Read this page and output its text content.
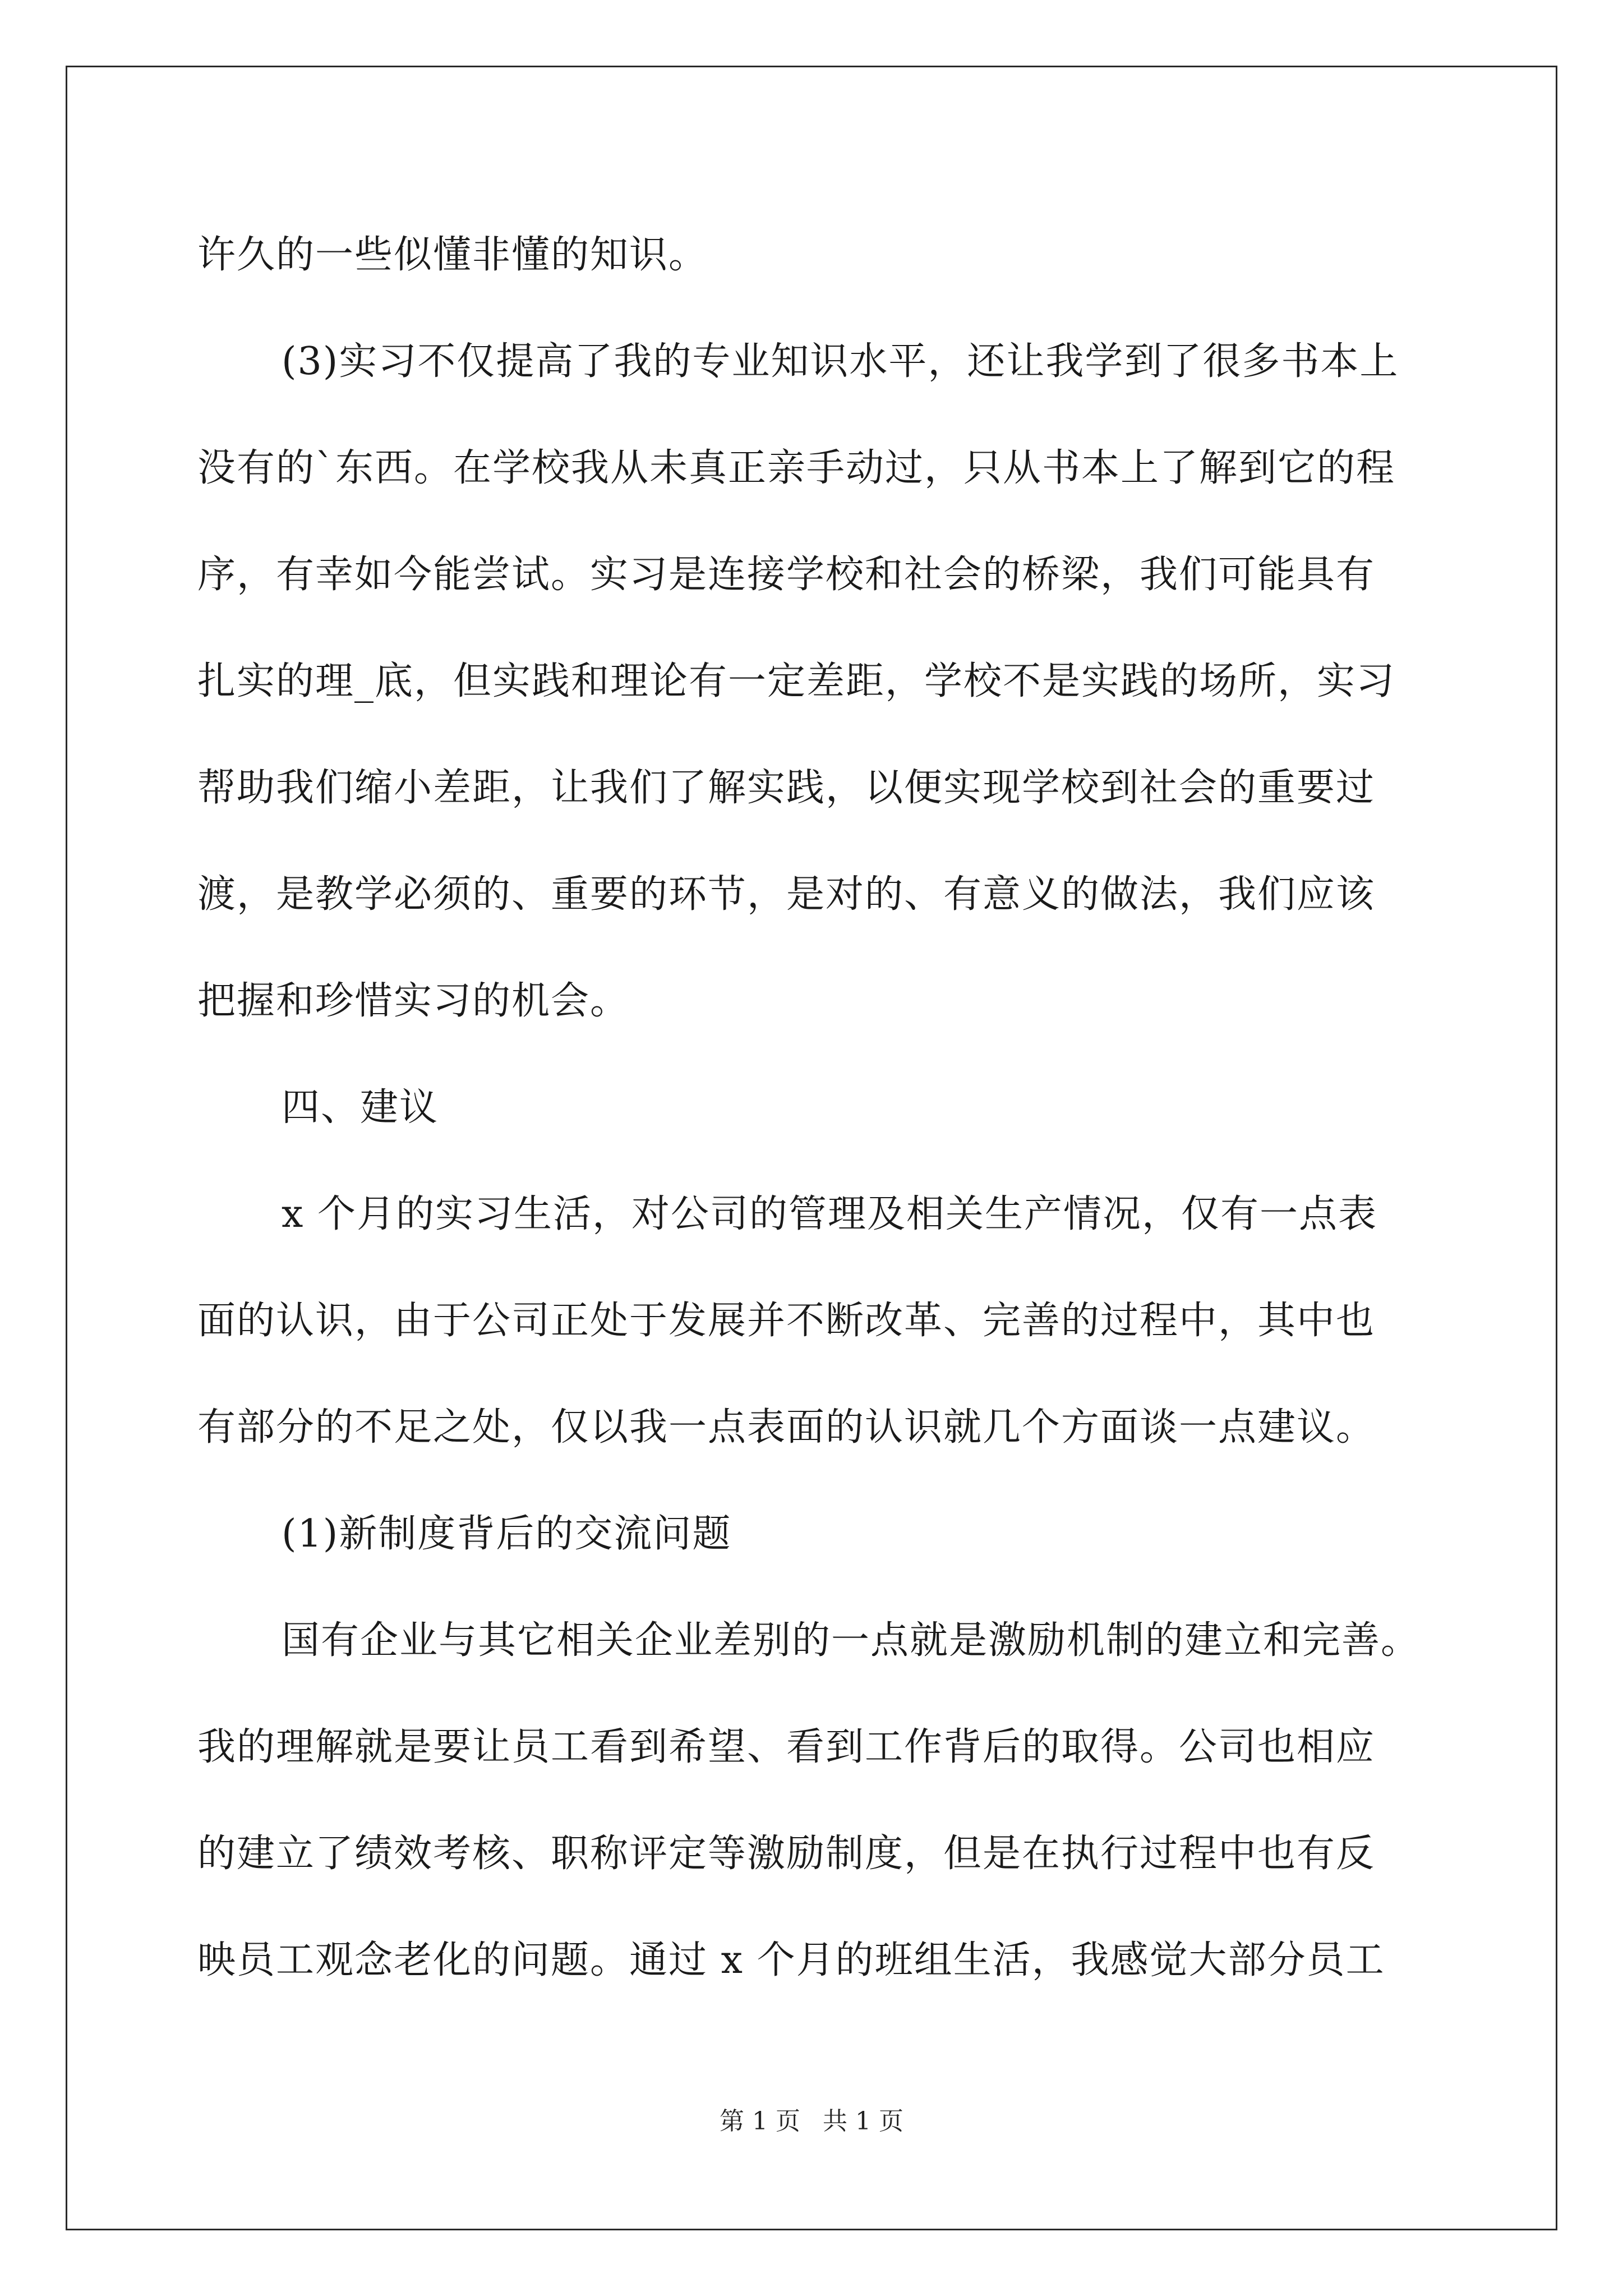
许久的一些似懂非懂的知识。
(3)实习不仅提高了我的专业知识水平，还让我学到了很多书本上
没有的`东西。在学校我从未真正亲手动过，只从书本上了解到它的程
序，有幸如今能尝试。实习是连接学校和社会的桥梁，我们可能具有
扎实的理_底，但实践和理论有一定差距，学校不是实践的场所，实习
帮助我们缩小差距，让我们了解实践，以便实现学校到社会的重要过
渡，是教学必须的、重要的环节，是对的、有意义的做法，我们应该
把握和珍惜实习的机会。
四、建议
x 个月的实习生活，对公司的管理及相关生产情况，仅有一点表
面的认识，由于公司正处于发展并不断改革、完善的过程中，其中也
有部分的不足之处，仅以我一点表面的认识就几个方面谈一点建议。
(1)新制度背后的交流问题
国有企业与其它相关企业差别的一点就是激励机制的建立和完善。
我的理解就是要让员工看到希望、看到工作背后的取得。公司也相应
的建立了绩效考核、职称评定等激励制度，但是在执行过程中也有反
映员工观念老化的问题。通过 x 个月的班组生活，我感觉大部分员工
第 1 页 共 1 页
